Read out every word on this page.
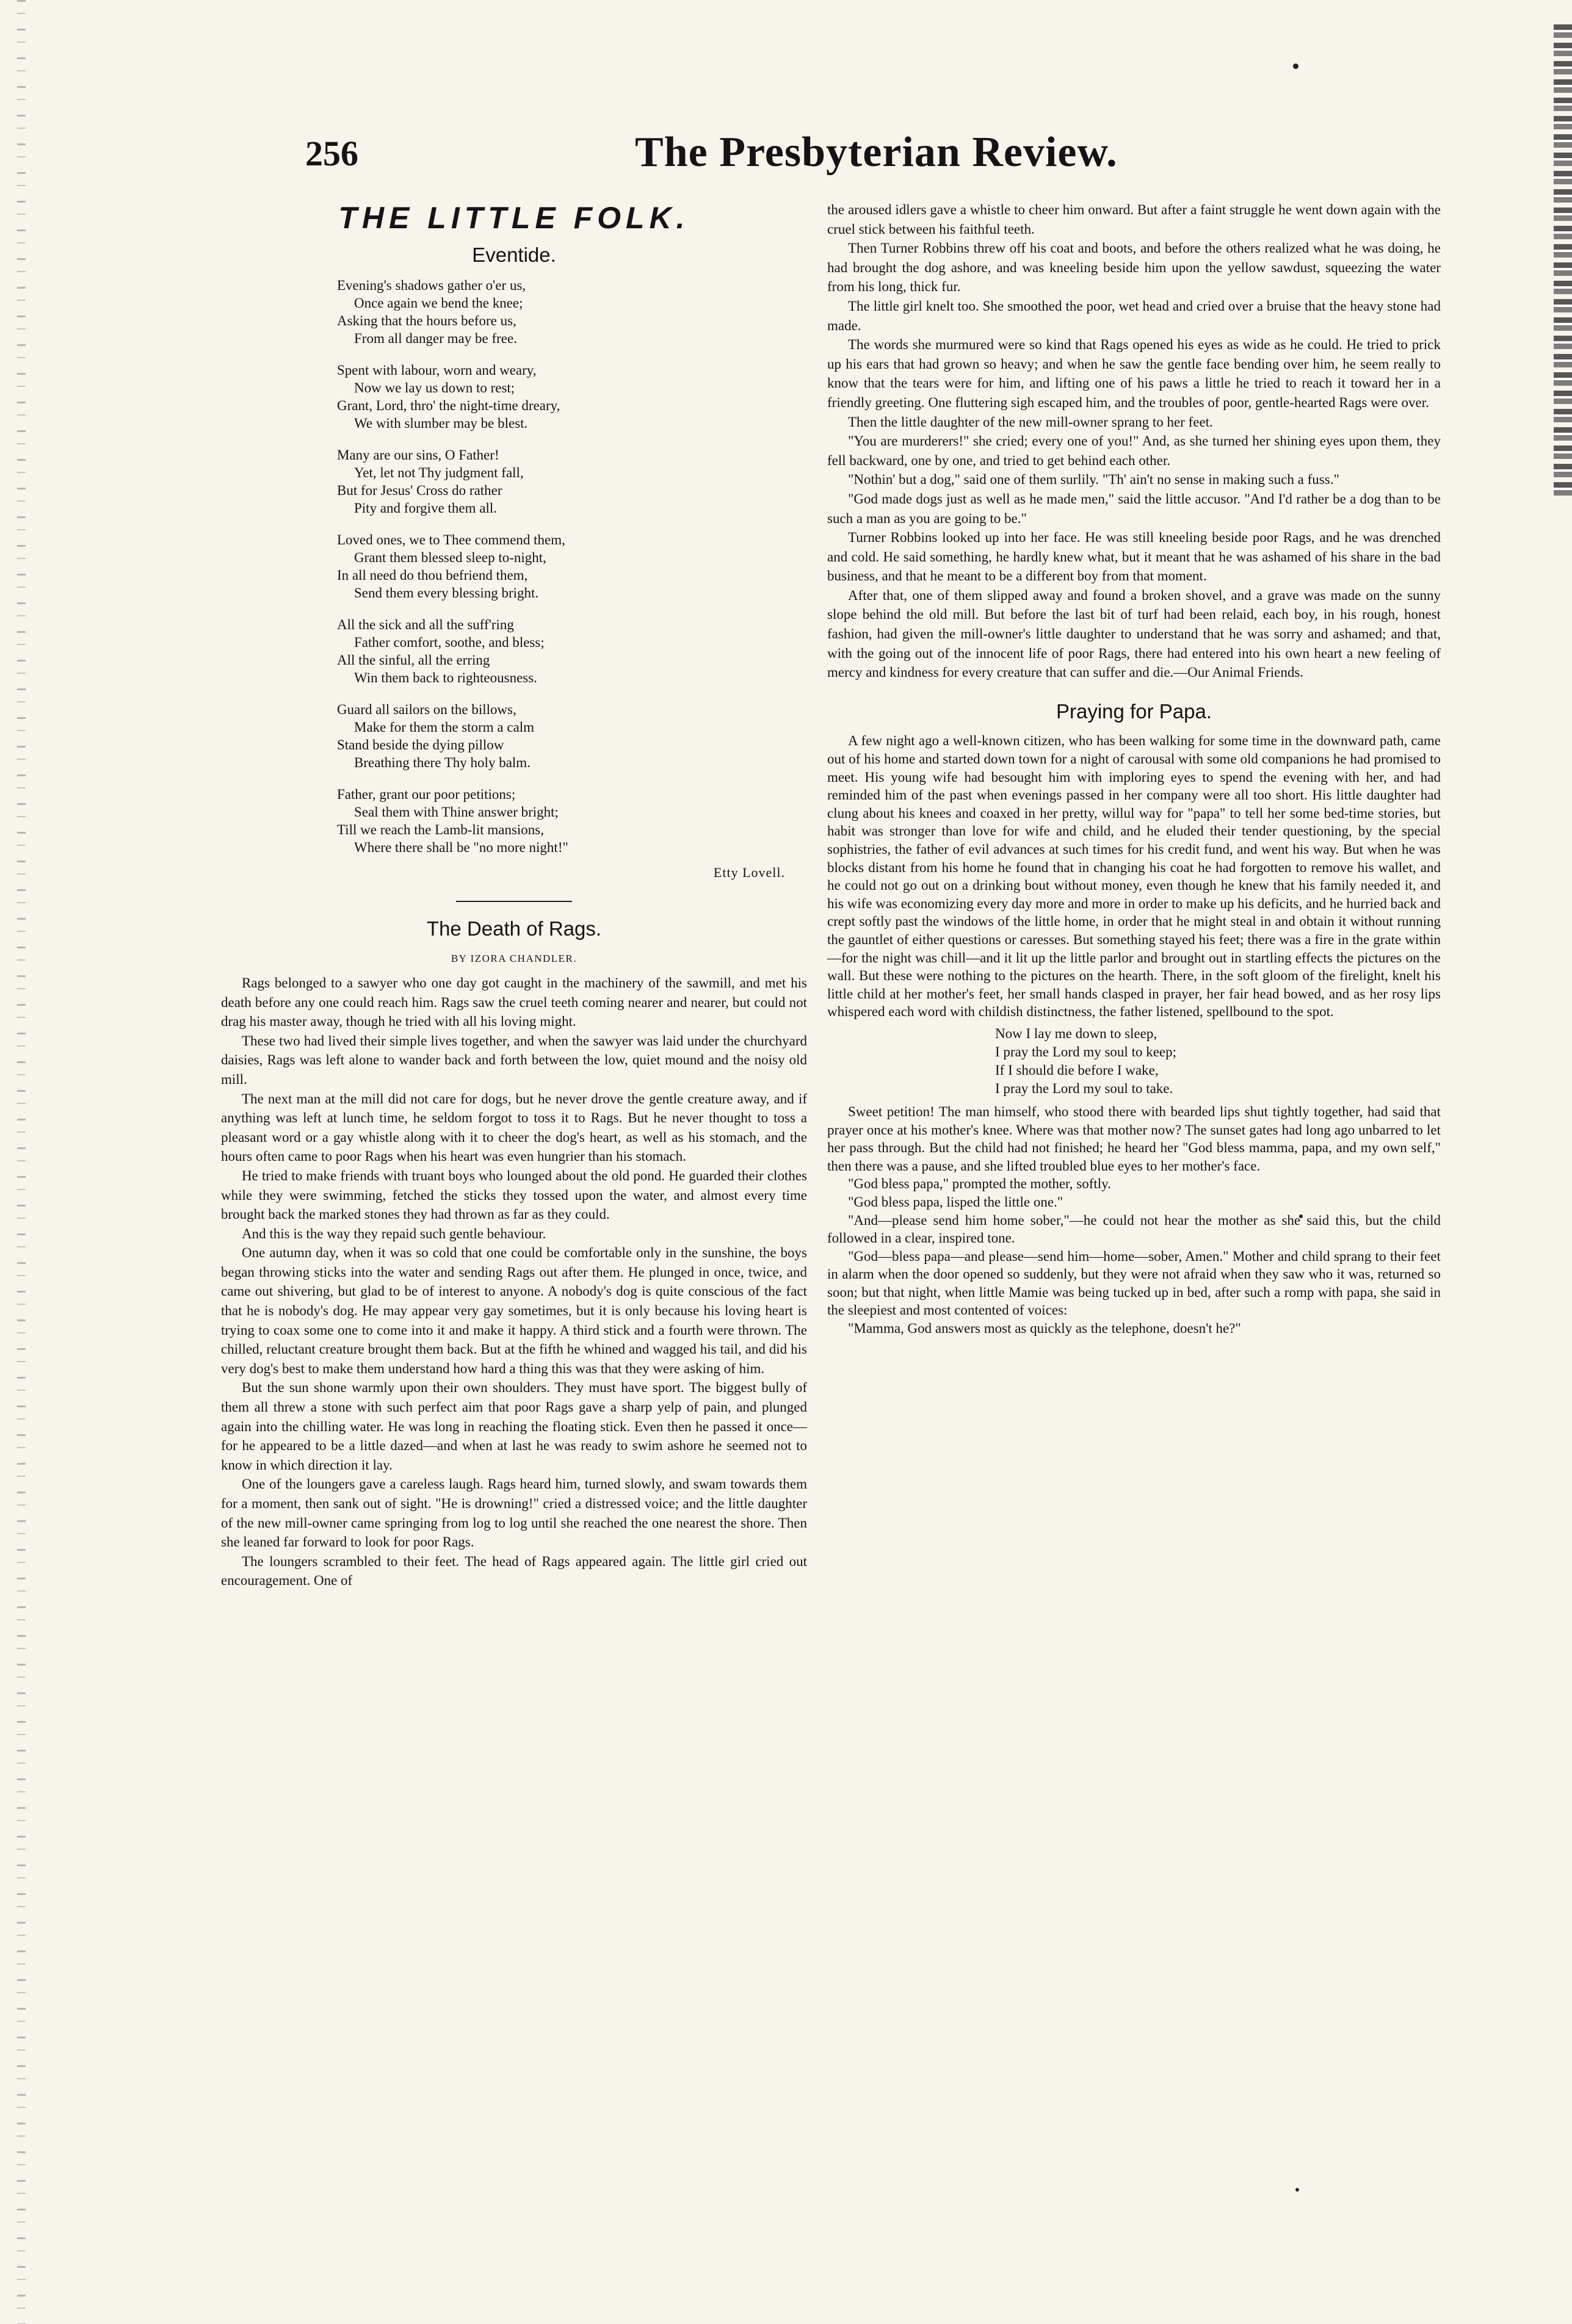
256	The Presbyterian Review.
THE LITTLE FOLK.
Eventide.

Evening's shadows gather o'er us,

Once again we bend the knee;

Asking that the hours before us,

From all danger may be free.

Spent with labour, worn and weary,

Now we lay us down to rest;

Grant, Lord, thro' the night-time dreary,

We with slumber may be blest.

Many are our sins, O Father!

Yet, let not Thy judgment fall,

But for Jesus' Cross do rather

Pity and forgive them all.

Loved ones, we to Thee commend them,

Grant them blessed sleep to-night,

In all need do thou befriend them,

Send them every blessing bright.

All the sick and all the suff'ring

Father comfort, soothe, and bless;

All the sinful, all the erring

Win them back to righteousness.

Guard all sailors on the billows,

Make for them the storm a calm

Stand beside the dying pillow

Breathing there Thy holy balm.

Father, grant our poor petitions;

Seal them with Thine answer bright;

Till we reach the Lamb-lit mansions,

Where there shall be "no more night!"

Etty Lovell.
The Death of Rags.
BY IZORA CHANDLER.

Rags belonged to a sawyer who one day got caught in the machinery of the sawmill, and met his death before any one could reach him. Rags saw the cruel teeth coming nearer and nearer, but could not drag his master away, though he tried with all his loving might.

These two had lived their simple lives together, and when the sawyer was laid under the churchyard daisies, Rags was left alone to wander back and forth between the low, quiet mound and the noisy old mill.

The next man at the mill did not care for dogs, but he never drove the gentle creature away, and if anything was left at lunch time, he seldom forgot to toss it to Rags. But he never thought to toss a pleasant word or a gay whistle along with it to cheer the dog's heart, as well as his stomach, and the hours often came to poor Rags when his heart was even hungrier than his stomach.

He tried to make friends with truant boys who lounged about the old pond. He guarded their clothes while they were swimming, fetched the sticks they tossed upon the water, and almost every time brought back the marked stones they had thrown as far as they could.

And this is the way they repaid such gentle behaviour.

One autumn day, when it was so cold that one could be comfortable only in the sunshine, the boys began throwing sticks into the water and sending Rags out after them. He plunged in once, twice, and came out shivering, but glad to be of interest to anyone. A nobody's dog is quite conscious of the fact that he is nobody's dog. He may appear very gay sometimes, but it is only because his loving heart is trying to coax some one to come into it and make it happy. A third stick and a fourth were thrown. The chilled, reluctant creature brought them back. But at the fifth he whined and wagged his tail, and did his very dog's best to make them understand how hard a thing this was that they were asking of him.

But the sun shone warmly upon their own shoulders. They must have sport. The biggest bully of them all threw a stone with such perfect aim that poor Rags gave a sharp yelp of pain, and plunged again into the chilling water. He was long in reaching the floating stick. Even then he passed it once—for he appeared to be a little dazed—and when at last he was ready to swim ashore he seemed not to know in which direction it lay.

One of the loungers gave a careless laugh. Rags heard him, turned slowly, and swam towards them for a moment, then sank out of sight. "He is drowning!" cried a distressed voice; and the little daughter of the new mill-owner came springing from log to log until she reached the one nearest the shore. Then she leaned far forward to look for poor Rags.

The loungers scrambled to their feet. The head of Rags appeared again. The little girl cried out encouragement. One of

the aroused idlers gave a whistle to cheer him onward. But after a faint struggle he went down again with the cruel stick between his faithful teeth.

Then Turner Robbins threw off his coat and boots, and before the others realized what he was doing, he had brought the dog ashore, and was kneeling beside him upon the yellow sawdust, squeezing the water from his long, thick fur.

The little girl knelt too. She smoothed the poor, wet head and cried over a bruise that the heavy stone had made.

The words she murmured were so kind that Rags opened his eyes as wide as he could. He tried to prick up his ears that had grown so heavy; and when he saw the gentle face bending over him, he seem really to know that the tears were for him, and lifting one of his paws a little he tried to reach it toward her in a friendly greeting. One fluttering sigh escaped him, and the troubles of poor, gentle-hearted Rags were over.

Then the little daughter of the new mill-owner sprang to her feet.

"You are murderers!" she cried; every one of you!" And, as she turned her shining eyes upon them, they fell backward, one by one, and tried to get behind each other.

"Nothin' but a dog," said one of them surlily. "Th' ain't no sense in making such a fuss."

"God made dogs just as well as he made men," said the little accusor. "And I'd rather be a dog than to be such a man as you are going to be."

Turner Robbins looked up into her face. He was still kneeling beside poor Rags, and he was drenched and cold. He said something, he hardly knew what, but it meant that he was ashamed of his share in the bad business, and that he meant to be a different boy from that moment.

After that, one of them slipped away and found a broken shovel, and a grave was made on the sunny slope behind the old mill. But before the last bit of turf had been relaid, each boy, in his rough, honest fashion, had given the mill-owner's little daughter to understand that he was sorry and ashamed; and that, with the going out of the innocent life of poor Rags, there had entered into his own heart a new feeling of mercy and kindness for every creature that can suffer and die.—Our Animal Friends.

Praying for Papa.

A few night ago a well-known citizen, who has been walking for some time in the downward path, came out of his home and started down town for a night of carousal with some old companions he had promised to meet. His young wife had besought him with imploring eyes to spend the evening with her, and had reminded him of the past when evenings passed in her company were all too short. His little daughter had clung about his knees and coaxed in her pretty, willul way for "papa" to tell her some bed-time stories, but habit was stronger than love for wife and child, and he eluded their tender questioning, by the special sophistries, the father of evil advances at such times for his credit fund, and went his way. But when he was blocks distant from his home he found that in changing his coat he had forgotten to remove his wallet, and he could not go out on a drinking bout without money, even though he knew that his family needed it, and his wife was economizing every day more and more in order to make up his deficits, and he hurried back and crept softly past the windows of the little home, in order that he might steal in and obtain it without running the gauntlet of either questions or caresses. But something stayed his feet; there was a fire in the grate within—for the night was chill—and it lit up the little parlor and brought out in startling effects the pictures on the wall. But these were nothing to the pictures on the hearth. There, in the soft gloom of the firelight, knelt his little child at her mother's feet, her small hands clasped in prayer, her fair head bowed, and as her rosy lips whispered each word with childish distinctness, the father listened, spellbound to the spot.

Now I lay me down to sleep,

I pray the Lord my soul to keep;

If I should die before I wake,

I pray the Lord my soul to take.

Sweet petition! The man himself, who stood there with bearded lips shut tightly together, had said that prayer once at his mother's knee. Where was that mother now? The sunset gates had long ago unbarred to let her pass through. But the child had not finished; he heard her "God bless mamma, papa, and my own self," then there was a pause, and she lifted troubled blue eyes to her mother's face.

"God bless papa," prompted the mother, softly.

"God bless papa, lisped the little one."

"And—please send him home sober,"—he could not hear the mother as she said this, but the child followed in a clear, inspired tone.

"God—bless papa—and please—send him—home—sober, Amen." Mother and child sprang to their feet in alarm when the door opened so suddenly, but they were not afraid when they saw who it was, returned so soon; but that night, when little Mamie was being tucked up in bed, after such a romp with papa, she said in the sleepiest and most contented of voices:

"Mamma, God answers most as quickly as the telephone, doesn't he?"
